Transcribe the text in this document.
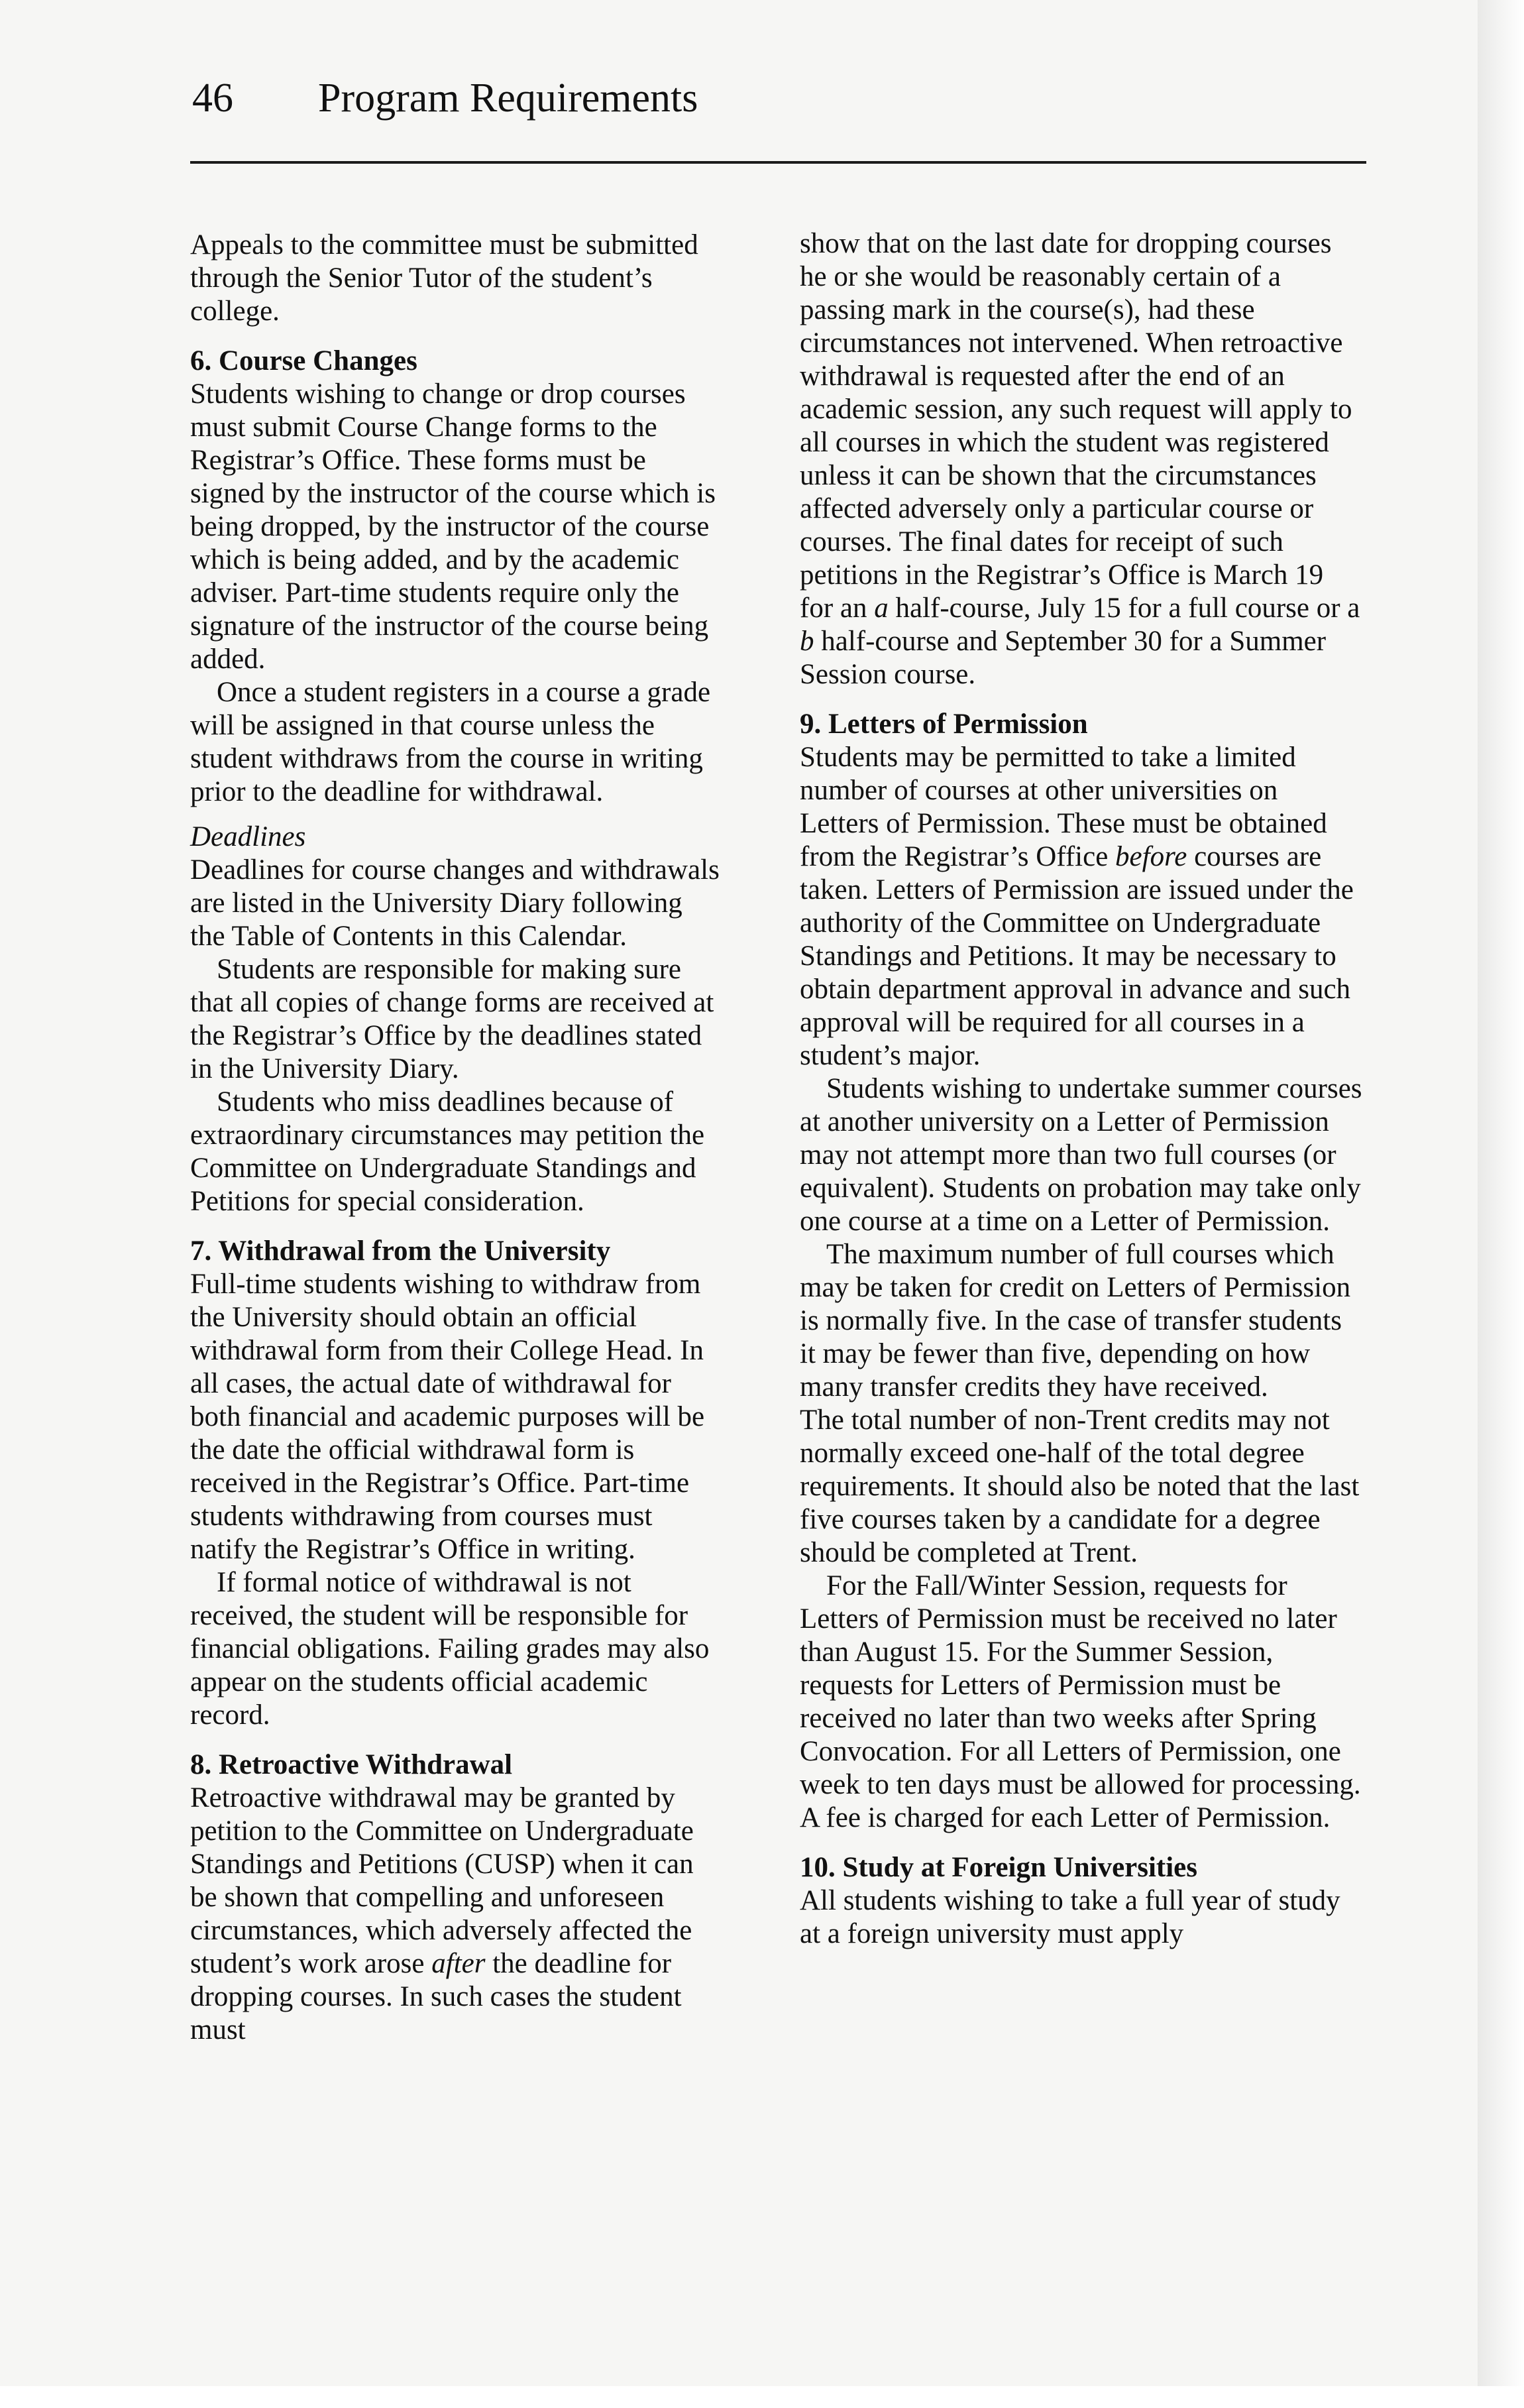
46 Program Requirements

Appeals to the committee must be submitted through the Senior Tutor of the student’s college.

6. Course Changes

Students wishing to change or drop courses must submit Course Change forms to the Registrar’s Office. These forms must be signed by the instructor of the course which is being dropped, by the instructor of the course which is being added, and by the academic adviser. Part-time students require only the signature of the instructor of the course being added.

Once a student registers in a course a grade will be assigned in that course unless the student withdraws from the course in writing prior to the deadline for withdrawal.

Deadlines

Deadlines for course changes and withdrawals are listed in the University Diary following the Table of Contents in this Calendar.

Students are responsible for making sure that all copies of change forms are received at the Registrar’s Office by the deadlines stated in the University Diary.

Students who miss deadlines because of extraordinary circumstances may petition the Committee on Undergraduate Standings and Petitions for special consideration.

7. Withdrawal from the University

Full-time students wishing to withdraw from the University should obtain an official withdrawal form from their College Head. In all cases, the actual date of withdrawal for both financial and academic purposes will be the date the official withdrawal form is received in the Registrar’s Office. Part-time students withdrawing from courses must natify the Registrar’s Office in writing.

If formal notice of withdrawal is not received, the student will be responsible for financial obligations. Failing grades may also appear on the students official academic record.

8. Retroactive Withdrawal

Retroactive withdrawal may be granted by petition to the Committee on Undergraduate Standings and Petitions (CUSP) when it can be shown that compelling and unforeseen circumstances, which adversely affected the student’s work arose after the deadline for dropping courses. In such cases the student must

show that on the last date for dropping courses he or she would be reasonably certain of a passing mark in the course(s), had these circumstances not intervened. When retroactive withdrawal is requested after the end of an academic session, any such request will apply to all courses in which the student was registered unless it can be shown that the circumstances affected adversely only a particular course or courses. The final dates for receipt of such petitions in the Registrar’s Office is March 19 for an a half-course, July 15 for a full course or a b half-course and September 30 for a Summer Session course.

9. Letters of Permission

Students may be permitted to take a limited number of courses at other universities on Letters of Permission. These must be obtained from the Registrar’s Office before courses are taken. Letters of Permission are issued under the authority of the Committee on Undergraduate Standings and Petitions. It may be necessary to obtain department approval in advance and such approval will be required for all courses in a student’s major.

Students wishing to undertake summer courses at another university on a Letter of Permission may not attempt more than two full courses (or equivalent). Students on probation may take only one course at a time on a Letter of Permission.

The maximum number of full courses which may be taken for credit on Letters of Permission is normally five. In the case of transfer students it may be fewer than five, depending on how many transfer credits they have received.

The total number of non-Trent credits may not normally exceed one-half of the total degree requirements. It should also be noted that the last five courses taken by a candidate for a degree should be completed at Trent.

For the Fall/Winter Session, requests for Letters of Permission must be received no later than August 15. For the Summer Session, requests for Letters of Permission must be received no later than two weeks after Spring Convocation. For all Letters of Permission, one week to ten days must be allowed for processing. A fee is charged for each Letter of Permission.

10. Study at Foreign Universities

All students wishing to take a full year of study at a foreign university must apply
